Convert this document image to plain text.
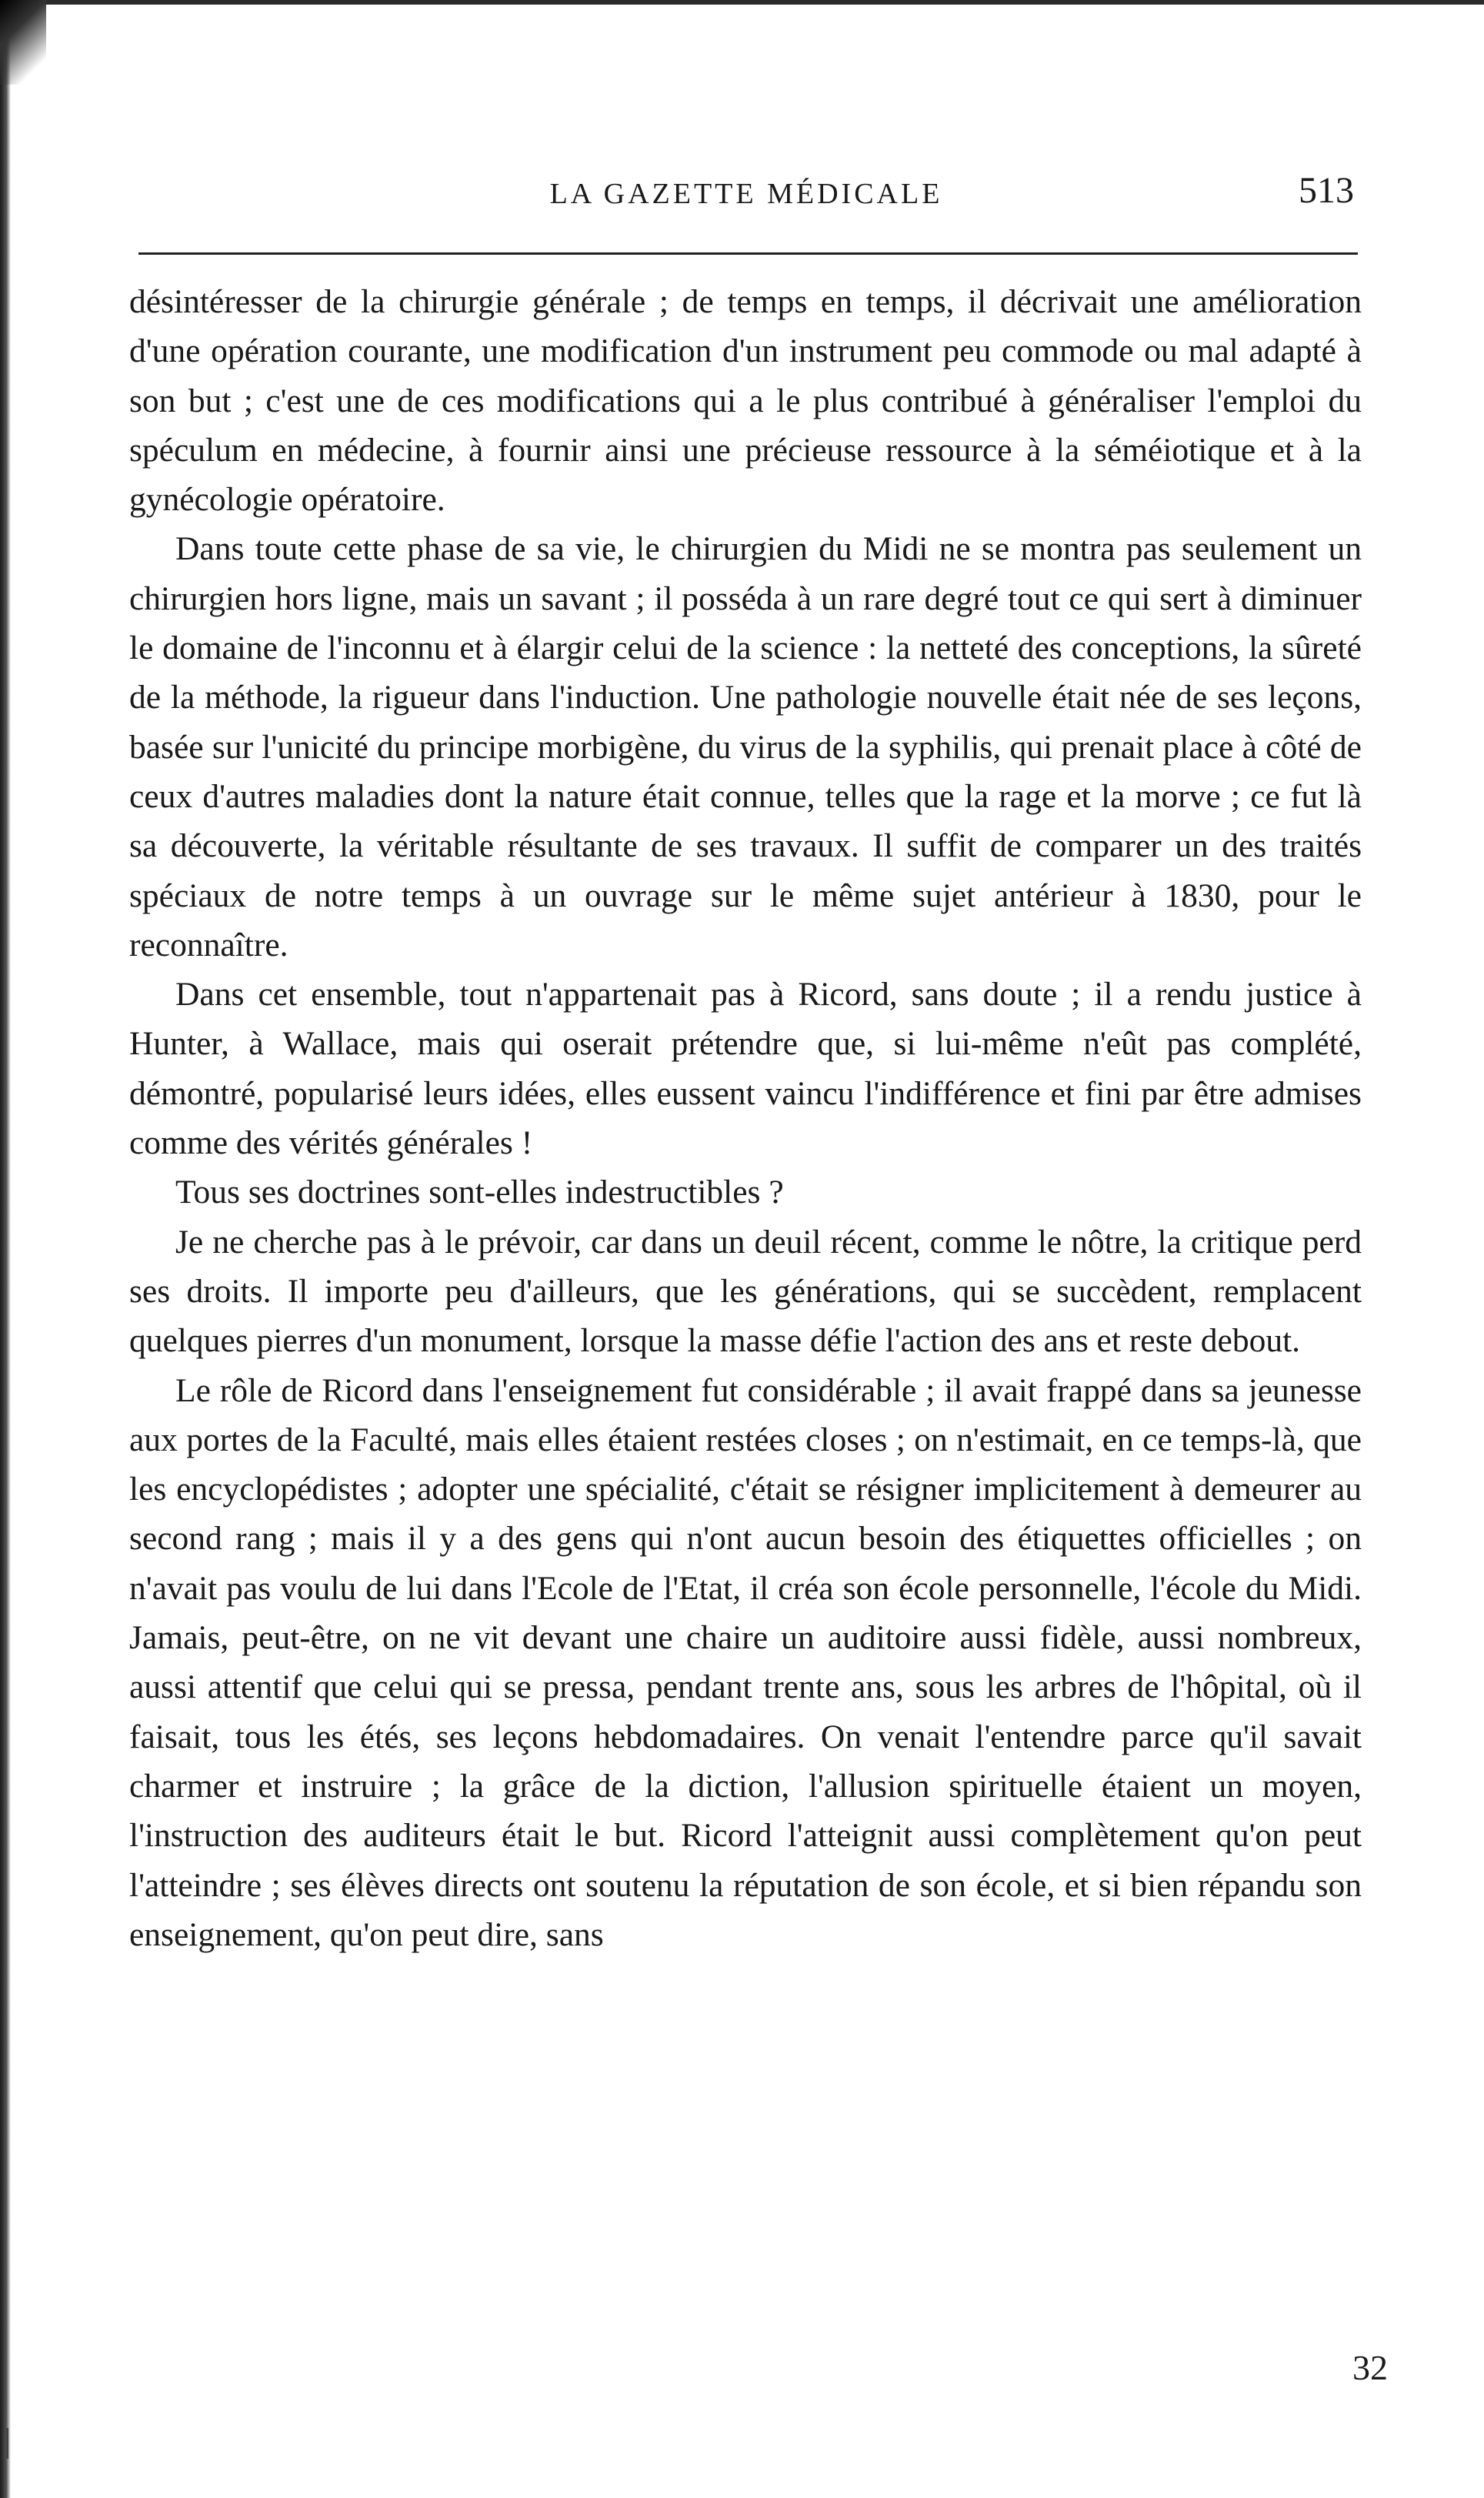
LA GAZETTE MÉDICALE	513

désintéresser de la chirurgie générale ; de temps en temps, il décrivait une amélioration d'une opération courante, une modification d'un instrument peu commode ou mal adapté à son but ; c'est une de ces modifications qui a le plus contribué à généraliser l'emploi du spéculum en médecine, à fournir ainsi une précieuse ressource à la séméiotique et à la gynécologie opératoire.

Dans toute cette phase de sa vie, le chirurgien du Midi ne se montra pas seulement un chirurgien hors ligne, mais un savant ; il posséda à un rare degré tout ce qui sert à diminuer le domaine de l'inconnu et à élargir celui de la science : la netteté des conceptions, la sûreté de la méthode, la rigueur dans l'induction. Une pathologie nouvelle était née de ses leçons, basée sur l'unicité du principe morbigène, du virus de la syphilis, qui prenait place à côté de ceux d'autres maladies dont la nature était connue, telles que la rage et la morve ; ce fut là sa découverte, la véritable résultante de ses travaux. Il suffit de comparer un des traités spéciaux de notre temps à un ouvrage sur le même sujet antérieur à 1830, pour le reconnaître.

Dans cet ensemble, tout n'appartenait pas à Ricord, sans doute ; il a rendu justice à Hunter, à Wallace, mais qui oserait prétendre que, si lui-même n'eût pas complété, démontré, popularisé leurs idées, elles eussent vaincu l'indifférence et fini par être admises comme des vérités générales !

Tous ses doctrines sont-elles indestructibles ?

Je ne cherche pas à le prévoir, car dans un deuil récent, comme le nôtre, la critique perd ses droits. Il importe peu d'ailleurs, que les générations, qui se succèdent, remplacent quelques pierres d'un monument, lorsque la masse défie l'action des ans et reste debout.

Le rôle de Ricord dans l'enseignement fut considérable ; il avait frappé dans sa jeunesse aux portes de la Faculté, mais elles étaient restées closes ; on n'estimait, en ce temps-là, que les encyclopédistes ; adopter une spécialité, c'était se résigner implicitement à demeurer au second rang ; mais il y a des gens qui n'ont aucun besoin des étiquettes officielles ; on n'avait pas voulu de lui dans l'Ecole de l'Etat, il créa son école personnelle, l'école du Midi. Jamais, peut-être, on ne vit devant une chaire un auditoire aussi fidèle, aussi nombreux, aussi attentif que celui qui se pressa, pendant trente ans, sous les arbres de l'hôpital, où il faisait, tous les étés, ses leçons hebdomadaires. On venait l'entendre parce qu'il savait charmer et instruire ; la grâce de la diction, l'allusion spirituelle étaient un moyen, l'instruction des auditeurs était le but. Ricord l'atteignit aussi complètement qu'on peut l'atteindre ; ses élèves directs ont soutenu la réputation de son école, et si bien répandu son enseignement, qu'on peut dire, sans

32
